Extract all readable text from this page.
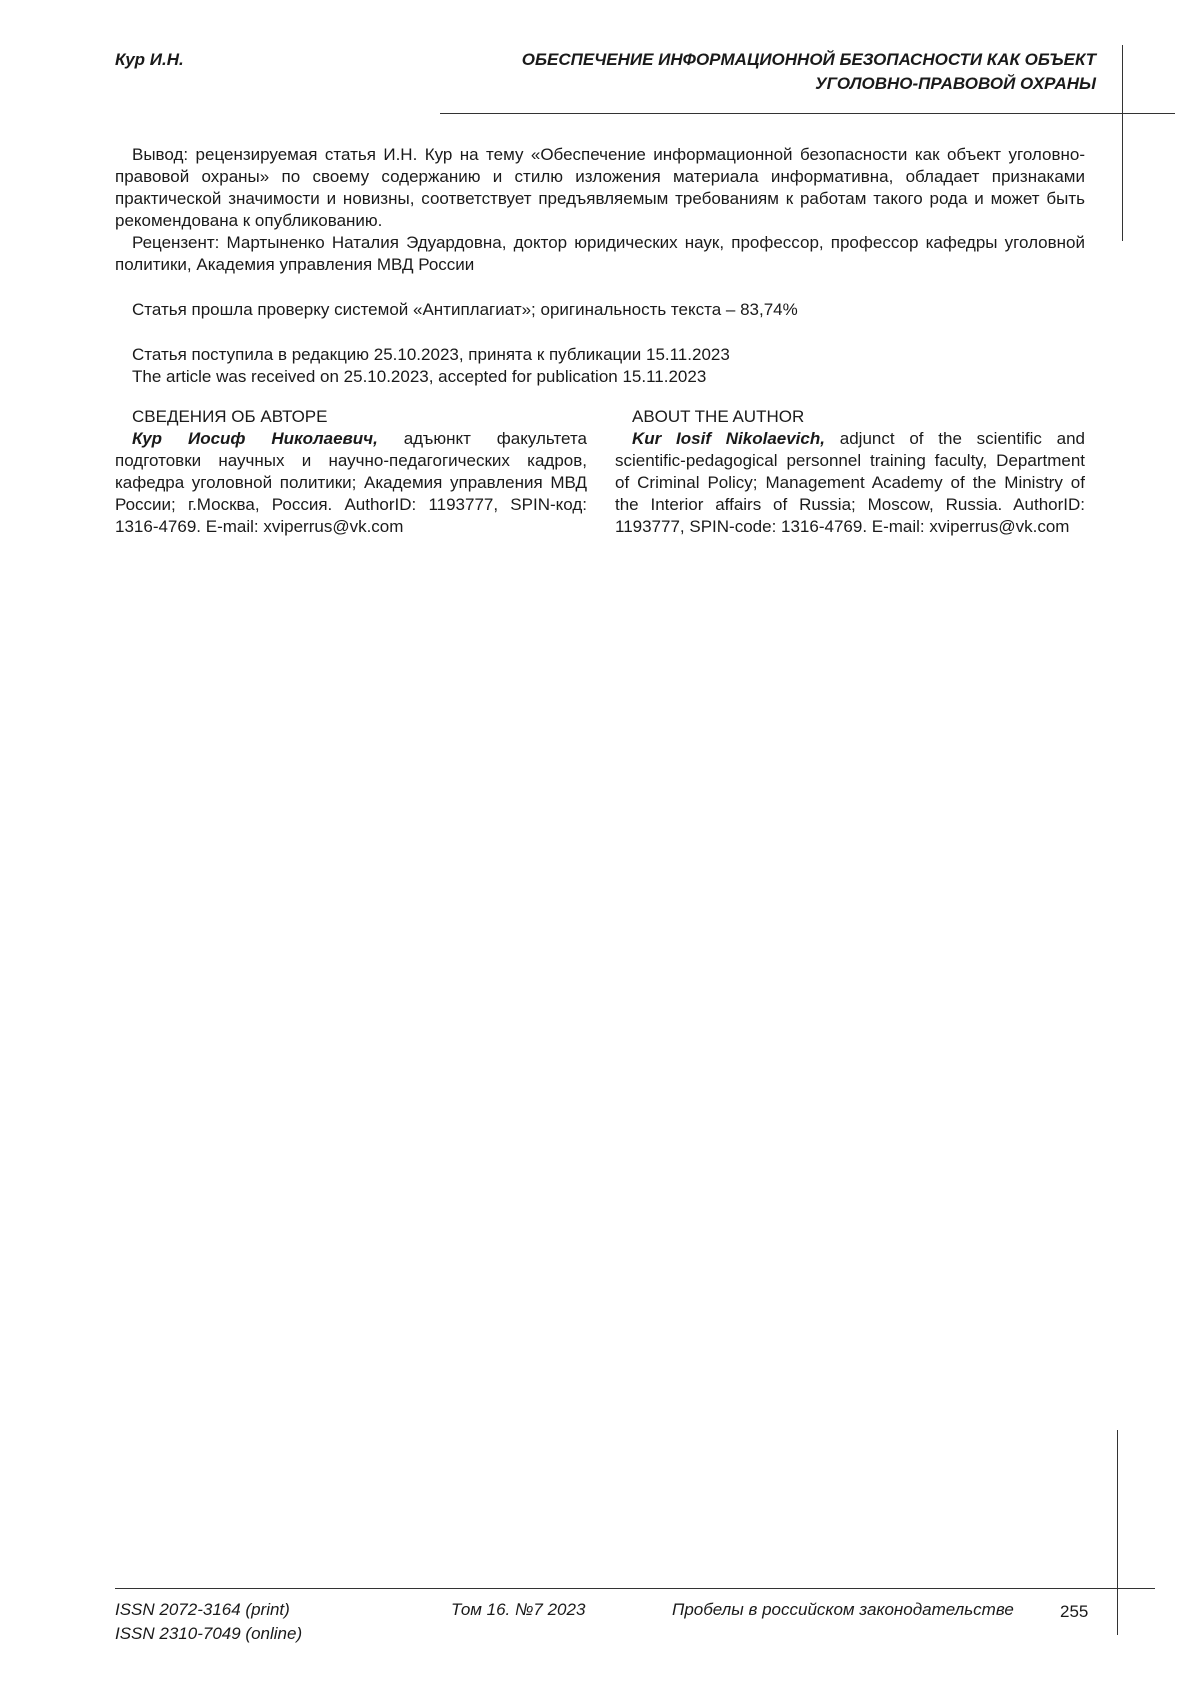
Кур И.Н.	ОБЕСПЕЧЕНИЕ ИНФОРМАЦИОННОЙ БЕЗОПАСНОСТИ КАК ОБЪЕКТ
УГОЛОВНО-ПРАВОВОЙ ОХРАНЫ

Вывод: рецензируемая статья И.Н. Кур на тему «Обеспечение информационной безопасности как объект уголовно-правовой охраны» по своему содержанию и стилю изложения материала информативна, обладает признаками практической значимости и новизны, соответствует предъявляемым требованиям к работам такого рода и может быть рекомендована к опубликованию.

Рецензент: Мартыненко Наталия Эдуардовна, доктор юридических наук, профессор, профессор кафедры уголовной политики, Академия управления МВД России

Статья прошла проверку системой «Антиплагиат»; оригинальность текста – 83,74%

Статья поступила в редакцию 25.10.2023, принята к публикации 15.11.2023

The article was received on 25.10.2023, accepted for publication 15.11.2023

СВЕДЕНИЯ ОБ АВТОРЕ

Кур Иосиф Николаевич, адъюнкт факультета подготовки научных и научно-педагогических кадров, кафедра уголовной политики; Академия управления МВД России; г.Москва, Россия. AuthorID: 1193777, SPIN-код: 1316-4769. E-mail: xviperrus@vk.com

ABOUT THE AUTHOR

Kur Iosif Nikolaevich, adjunct of the scientific and scientific-pedagogical personnel training faculty, Department of Criminal Policy; Management Academy of the Ministry of the Interior affairs of Russia; Moscow, Russia. AuthorID: 1193777, SPIN-code: 1316-4769. E-mail: xviperrus@vk.com

ISSN 2072-3164 (print)
ISSN 2310-7049 (online)
Том 16. №7 2023	Пробелы в российском законодательстве	255
